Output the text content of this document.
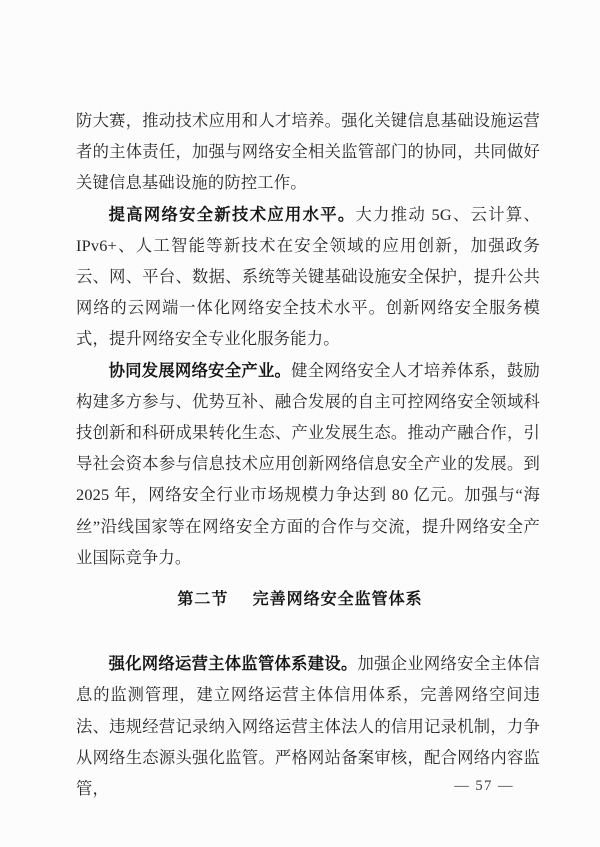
防大赛，推动技术应用和人才培养。强化关键信息基础设施运营者的主体责任，加强与网络安全相关监管部门的协同，共同做好关键信息基础设施的防控工作。

提高网络安全新技术应用水平。大力推动 5G、云计算、IPv6+、人工智能等新技术在安全领域的应用创新，加强政务云、网、平台、数据、系统等关键基础设施安全保护，提升公共网络的云网端一体化网络安全技术水平。创新网络安全服务模式，提升网络安全专业化服务能力。

协同发展网络安全产业。健全网络安全人才培养体系，鼓励构建多方参与、优势互补、融合发展的自主可控网络安全领域科技创新和科研成果转化生态、产业发展生态。推动产融合作，引导社会资本参与信息技术应用创新网络信息安全产业的发展。到 2025 年，网络安全行业市场规模力争达到 80 亿元。加强与“海丝”沿线国家等在网络安全方面的合作与交流，提升网络安全产业国际竞争力。

第二节 完善网络安全监管体系

强化网络运营主体监管体系建设。加强企业网络安全主体信息的监测管理，建立网络运营主体信用体系，完善网络空间违法、违规经营记录纳入网络运营主体法人的信用记录机制，力争从网络生态源头强化监管。严格网站备案审核，配合网络内容监管，	— 57 —
